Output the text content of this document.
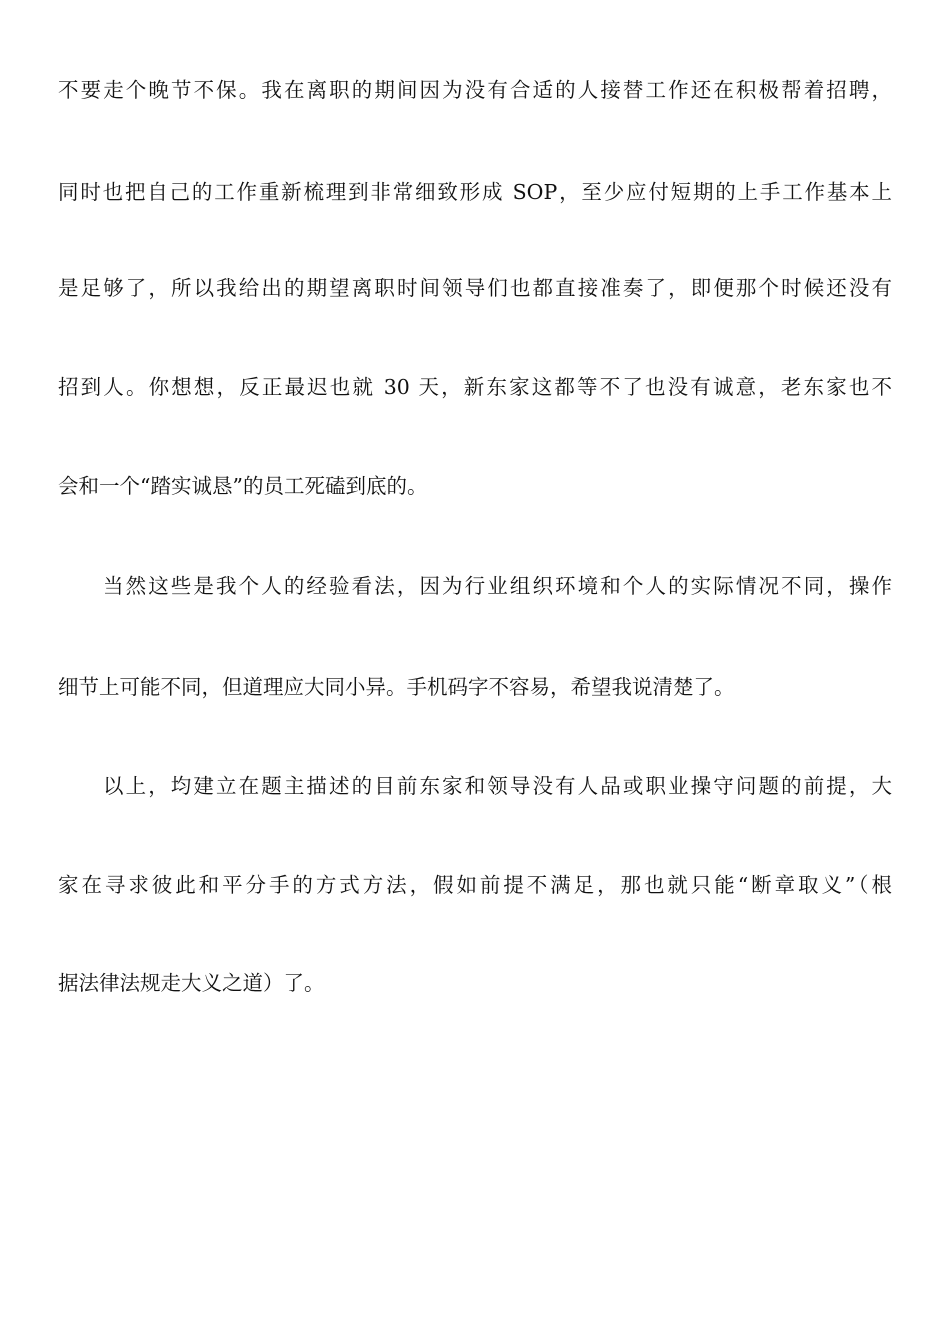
不要走个晚节不保。我在离职的期间因为没有合适的人接替工作还在积极帮着招聘，
同时也把自己的工作重新梳理到非常细致形成 SOP，至少应付短期的上手工作基本上
是足够了，所以我给出的期望离职时间领导们也都直接准奏了，即便那个时候还没有
招到人。你想想，反正最迟也就 30 天，新东家这都等不了也没有诚意，老东家也不
会和一个“踏实诚恳”的员工死磕到底的。
当然这些是我个人的经验看法，因为行业组织环境和个人的实际情况不同，操作
细节上可能不同，但道理应大同小异。手机码字不容易，希望我说清楚了。
以上，均建立在题主描述的目前东家和领导没有人品或职业操守问题的前提，大
家在寻求彼此和平分手的方式方法，假如前提不满足，那也就只能“断章取义”（根
据法律法规走大义之道）了。
